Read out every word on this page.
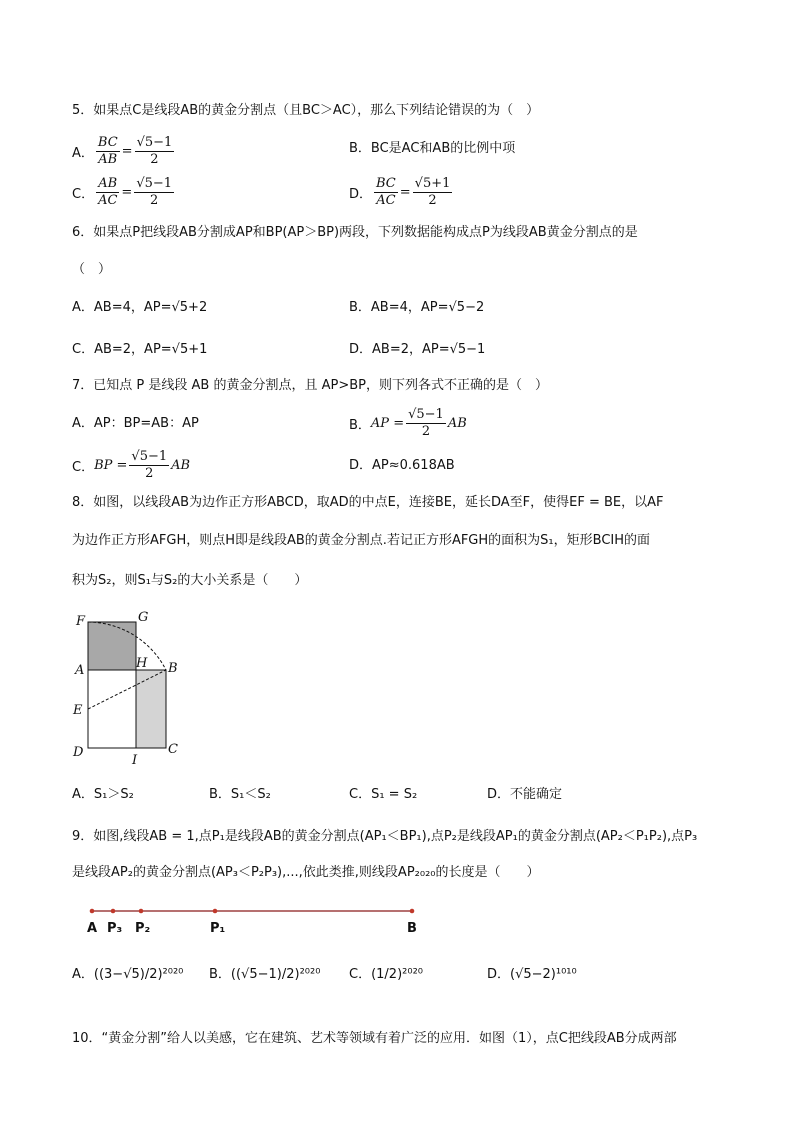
5．如果点C是线段AB的黄金分割点（且BC＞AC），那么下列结论错误的为（　）
A． $\frac{BC}{AB} = \frac{√5-1}{2}$	B．BC是AC和AB的比例中项
C． $\frac{AB}{AC} = \frac{√5-1}{2}$	D． $\frac{BC}{AC} = \frac{√5+1}{2}$
6．如果点P把线段AB分割成AP和BP(AP＞BP)两段，下列数据能构成点P为线段AB黄金分割点的是
（　）
A．AB=4，AP=√5+2	B．AB=4，AP=√5−2
C．AB=2，AP=√5+1	D．AB=2，AP=√5−1
7．已知点 P 是线段 AB 的黄金分割点，且 AP>BP，则下列各式不正确的是（　）
A．AP：BP=AB：AP	B． AP = $\frac{√5-1}{2}$ AB
C． BP = $\frac{√5-1}{2}$ AB	D．AP≈0.618AB
8．如图，以线段AB为边作正方形ABCD，取AD的中点E，连接BE，延长DA至F，使得EF = BE，以AF
为边作正方形AFGH，则点H即是线段AB的黄金分割点.若记正方形AFGH的面积为S₁，矩形BCIH的面
积为S₂，则S₁与S₂的大小关系是（　　）
F	G
A	H B
E
D
I
C
A．S₁＞S₂	B．S₁＜S₂	C．S₁ = S₂	D．不能确定
9．如图,线段AB = 1,点P₁是线段AB的黄金分割点(AP₁＜BP₁),点P₂是线段AP₁的黄金分割点(AP₂＜P₁P₂),点P₃
是线段AP₂的黄金分割点(AP₃＜P₂P₃),...,依此类推,则线段AP₂₀₂₀的长度是（　　）
A P₃ P₂	P₁	B
A．((3−√5)/2)²⁰²⁰ B．((√5−1)/2)²⁰²⁰ C．(1/2)²⁰²⁰	D．(√5−2)¹⁰¹⁰
10．“黄金分割”给人以美感，它在建筑、艺术等领域有着广泛的应用．如图（1），点C把线段AB分成两部
